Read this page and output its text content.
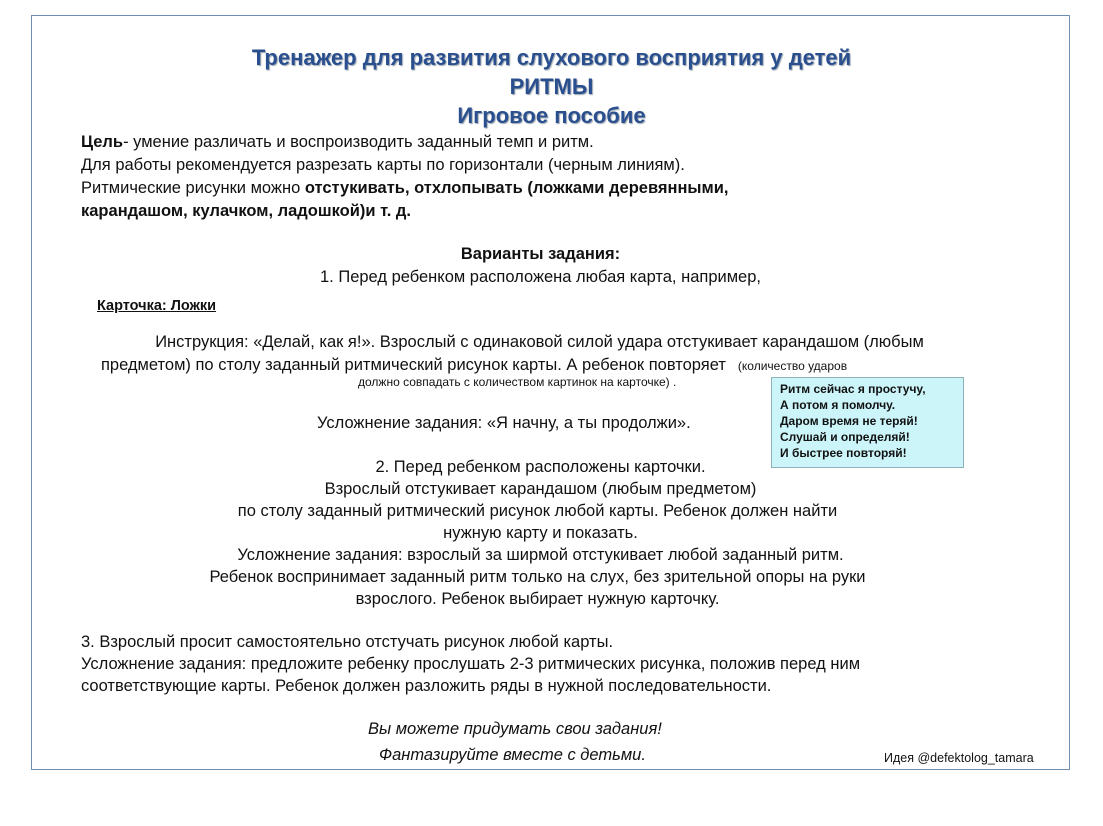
Тренажер для развития слухового восприятия у детей
РИТМЫ
Игровое пособие
Цель- умение различать и воспроизводить заданный темп и ритм.
Для работы рекомендуется разрезать карты по горизонтали (черным линиям).
Ритмические рисунки можно отстукивать, отхлопывать (ложками деревянными,
карандашом, кулачком, ладошкой)и т. д.
Варианты задания:
1. Перед ребенком расположена любая карта, например,
Карточка: Ложки
Инструкция: «Делай, как я!». Взрослый с одинаковой силой удара отстукивает карандашом (любым
предметом) по столу заданный ритмический рисунок карты. А ребенок повторяет (количество ударов
должно совпадать с количеством картинок на карточке) .	Ритм сейчас я простучу,
А потом я помолчу.
Даром время не теряй!
Слушай и определяй!
И быстрее повторяй!
Усложнение задания: «Я начну, а ты продолжи».
2. Перед ребенком расположены карточки.
Взрослый отстукивает карандашом (любым предметом)
по столу заданный ритмический рисунок любой карты. Ребенок должен найти
нужную карту и показать.
Усложнение задания: взрослый за ширмой отстукивает любой заданный ритм.
Ребенок воспринимает заданный ритм только на слух, без зрительной опоры на руки
взрослого. Ребенок выбирает нужную карточку.
3. Взрослый просит самостоятельно отстучать рисунок любой карты.
Усложнение задания: предложите ребенку прослушать 2-3 ритмических рисунка, положив перед ним
соответствующие карты. Ребенок должен разложить ряды в нужной последовательности.
Вы можете придумать свои задания!
Фантазируйте вместе с детьми.	Идея @defektolog_tamara
